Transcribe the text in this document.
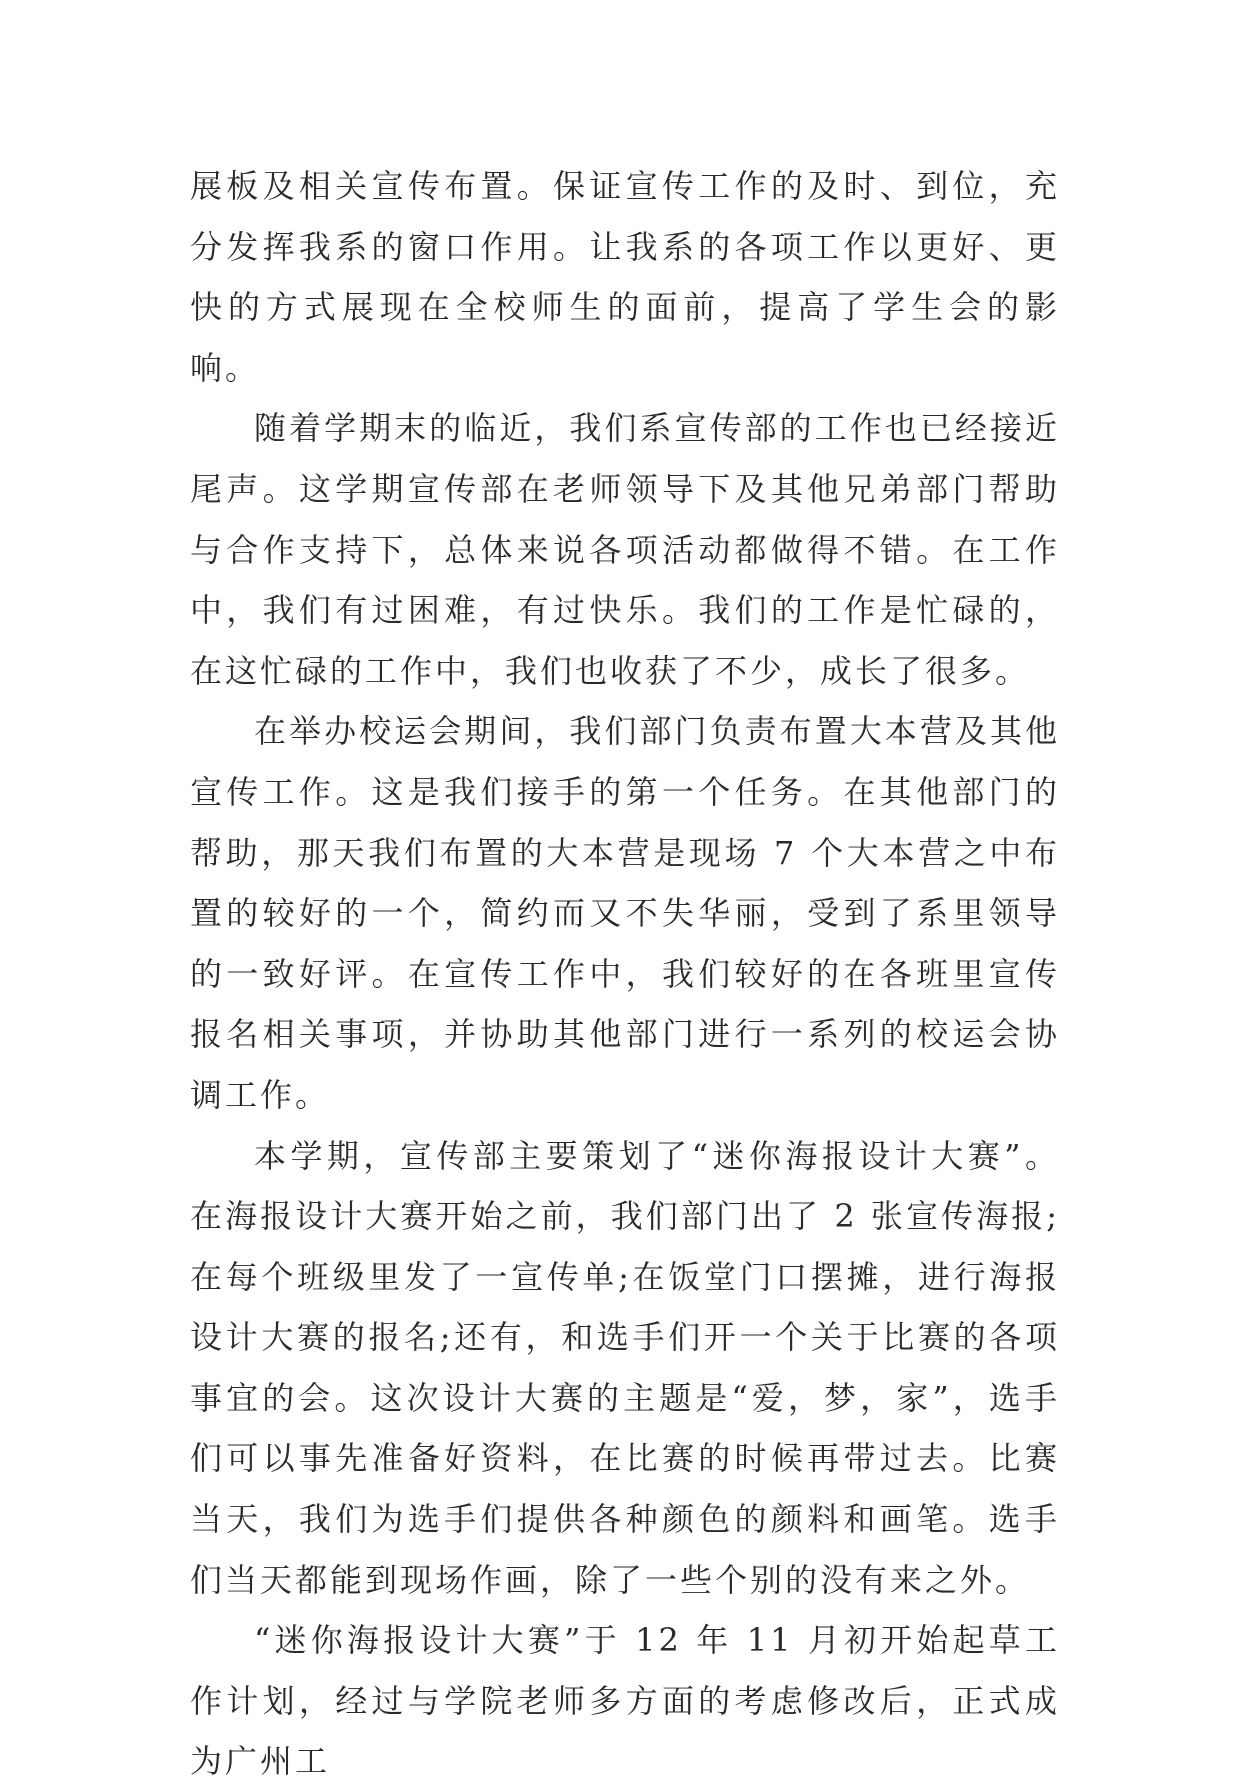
展板及相关宣传布置。保证宣传工作的及时、到位，充分发挥我系的窗口作用。让我系的各项工作以更好、更快的方式展现在全校师生的面前，提高了学生会的影响。

随着学期末的临近，我们系宣传部的工作也已经接近尾声。这学期宣传部在老师领导下及其他兄弟部门帮助与合作支持下，总体来说各项活动都做得不错。在工作中，我们有过困难，有过快乐。我们的工作是忙碌的，在这忙碌的工作中，我们也收获了不少，成长了很多。

在举办校运会期间，我们部门负责布置大本营及其他宣传工作。这是我们接手的第一个任务。在其他部门的帮助，那天我们布置的大本营是现场 7 个大本营之中布置的较好的一个，简约而又不失华丽，受到了系里领导的一致好评。在宣传工作中，我们较好的在各班里宣传报名相关事项，并协助其他部门进行一系列的校运会协调工作。

本学期，宣传部主要策划了“迷你海报设计大赛”。在海报设计大赛开始之前，我们部门出了 2 张宣传海报;在每个班级里发了一宣传单;在饭堂门口摆摊，进行海报设计大赛的报名;还有，和选手们开一个关于比赛的各项事宜的会。这次设计大赛的主题是“爱，梦，家”，选手们可以事先准备好资料，在比赛的时候再带过去。比赛当天，我们为选手们提供各种颜色的颜料和画笔。选手们当天都能到现场作画，除了一些个别的没有来之外。

“迷你海报设计大赛”于 12 年 11 月初开始起草工作计划，经过与学院老师多方面的考虑修改后，正式成为广州工
